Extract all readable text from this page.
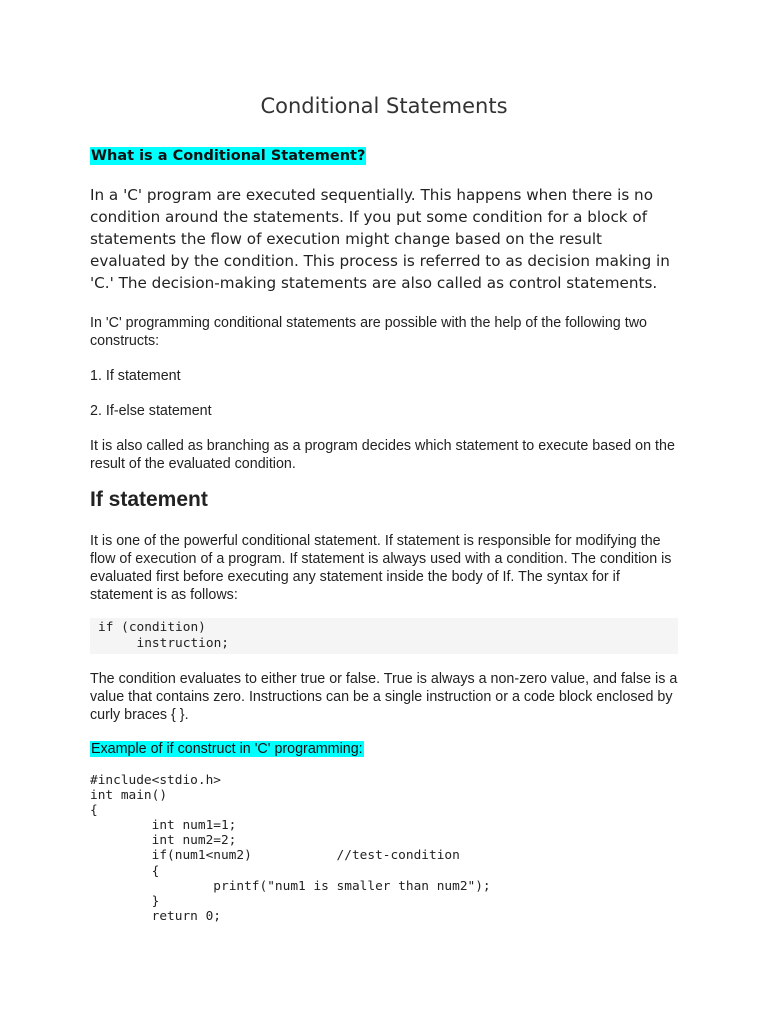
Conditional Statements

What is a Conditional Statement?

In a 'C' program are executed sequentially. This happens when there is no condition around the statements. If you put some condition for a block of statements the flow of execution might change based on the result evaluated by the condition. This process is referred to as decision making in 'C.' The decision-making statements are also called as control statements.

In 'C' programming conditional statements are possible with the help of the following two constructs:

1. If statement

2. If-else statement

It is also called as branching as a program decides which statement to execute based on the result of the evaluated condition.

If statement

It is one of the powerful conditional statement. If statement is responsible for modifying the flow of execution of a program. If statement is always used with a condition. The condition is evaluated first before executing any statement inside the body of If. The syntax for if statement is as follows:

if (condition)
instruction;

The condition evaluates to either true or false. True is always a non-zero value, and false is a value that contains zero. Instructions can be a single instruction or a code block enclosed by curly braces { }.

Example of if construct in 'C' programming:

#include<stdio.h>
int main()
{
	int num1=1;
	int num2=2;
	if(num1<num2)		//test-condition
	{
		printf("num1 is smaller than num2");
	}
	return 0;
